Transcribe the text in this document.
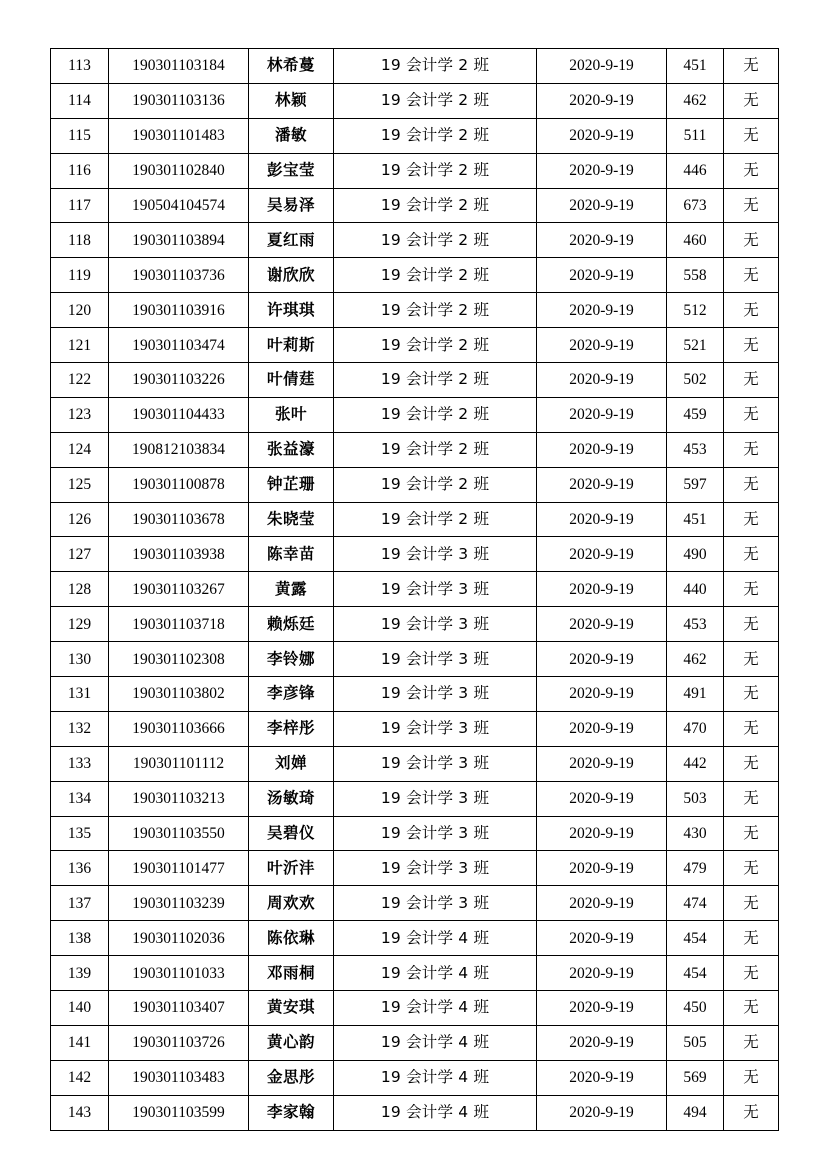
113	190301103184	林希蔓	19 会计学 2 班	2020-9-19	451	无
114	190301103136	林颖	19 会计学 2 班	2020-9-19	462	无
115	190301101483	潘敏	19 会计学 2 班	2020-9-19	511	无
116	190301102840	彭宝莹	19 会计学 2 班	2020-9-19	446	无
117	190504104574	吴易泽	19 会计学 2 班	2020-9-19	673	无
118	190301103894	夏红雨	19 会计学 2 班	2020-9-19	460	无
119	190301103736	谢欣欣	19 会计学 2 班	2020-9-19	558	无
120	190301103916	许琪琪	19 会计学 2 班	2020-9-19	512	无
121	190301103474	叶莉斯	19 会计学 2 班	2020-9-19	521	无
122	190301103226	叶倩莛	19 会计学 2 班	2020-9-19	502	无
123	190301104433	张叶	19 会计学 2 班	2020-9-19	459	无
124	190812103834	张益濠	19 会计学 2 班	2020-9-19	453	无
125	190301100878	钟芷珊	19 会计学 2 班	2020-9-19	597	无
126	190301103678	朱晓莹	19 会计学 2 班	2020-9-19	451	无
127	190301103938	陈幸苗	19 会计学 3 班	2020-9-19	490	无
128	190301103267	黄露	19 会计学 3 班	2020-9-19	440	无
129	190301103718	赖烁廷	19 会计学 3 班	2020-9-19	453	无
130	190301102308	李铃娜	19 会计学 3 班	2020-9-19	462	无
131	190301103802	李彦锋	19 会计学 3 班	2020-9-19	491	无
132	190301103666	李梓彤	19 会计学 3 班	2020-9-19	470	无
133	190301101112	刘婵	19 会计学 3 班	2020-9-19	442	无
134	190301103213	汤敏琦	19 会计学 3 班	2020-9-19	503	无
135	190301103550	吴碧仪	19 会计学 3 班	2020-9-19	430	无
136	190301101477	叶沂沣	19 会计学 3 班	2020-9-19	479	无
137	190301103239	周欢欢	19 会计学 3 班	2020-9-19	474	无
138	190301102036	陈依琳	19 会计学 4 班	2020-9-19	454	无
139	190301101033	邓雨桐	19 会计学 4 班	2020-9-19	454	无
140	190301103407	黄安琪	19 会计学 4 班	2020-9-19	450	无
141	190301103726	黄心韵	19 会计学 4 班	2020-9-19	505	无
142	190301103483	金思彤	19 会计学 4 班	2020-9-19	569	无
143	190301103599	李家翰	19 会计学 4 班	2020-9-19	494	无
